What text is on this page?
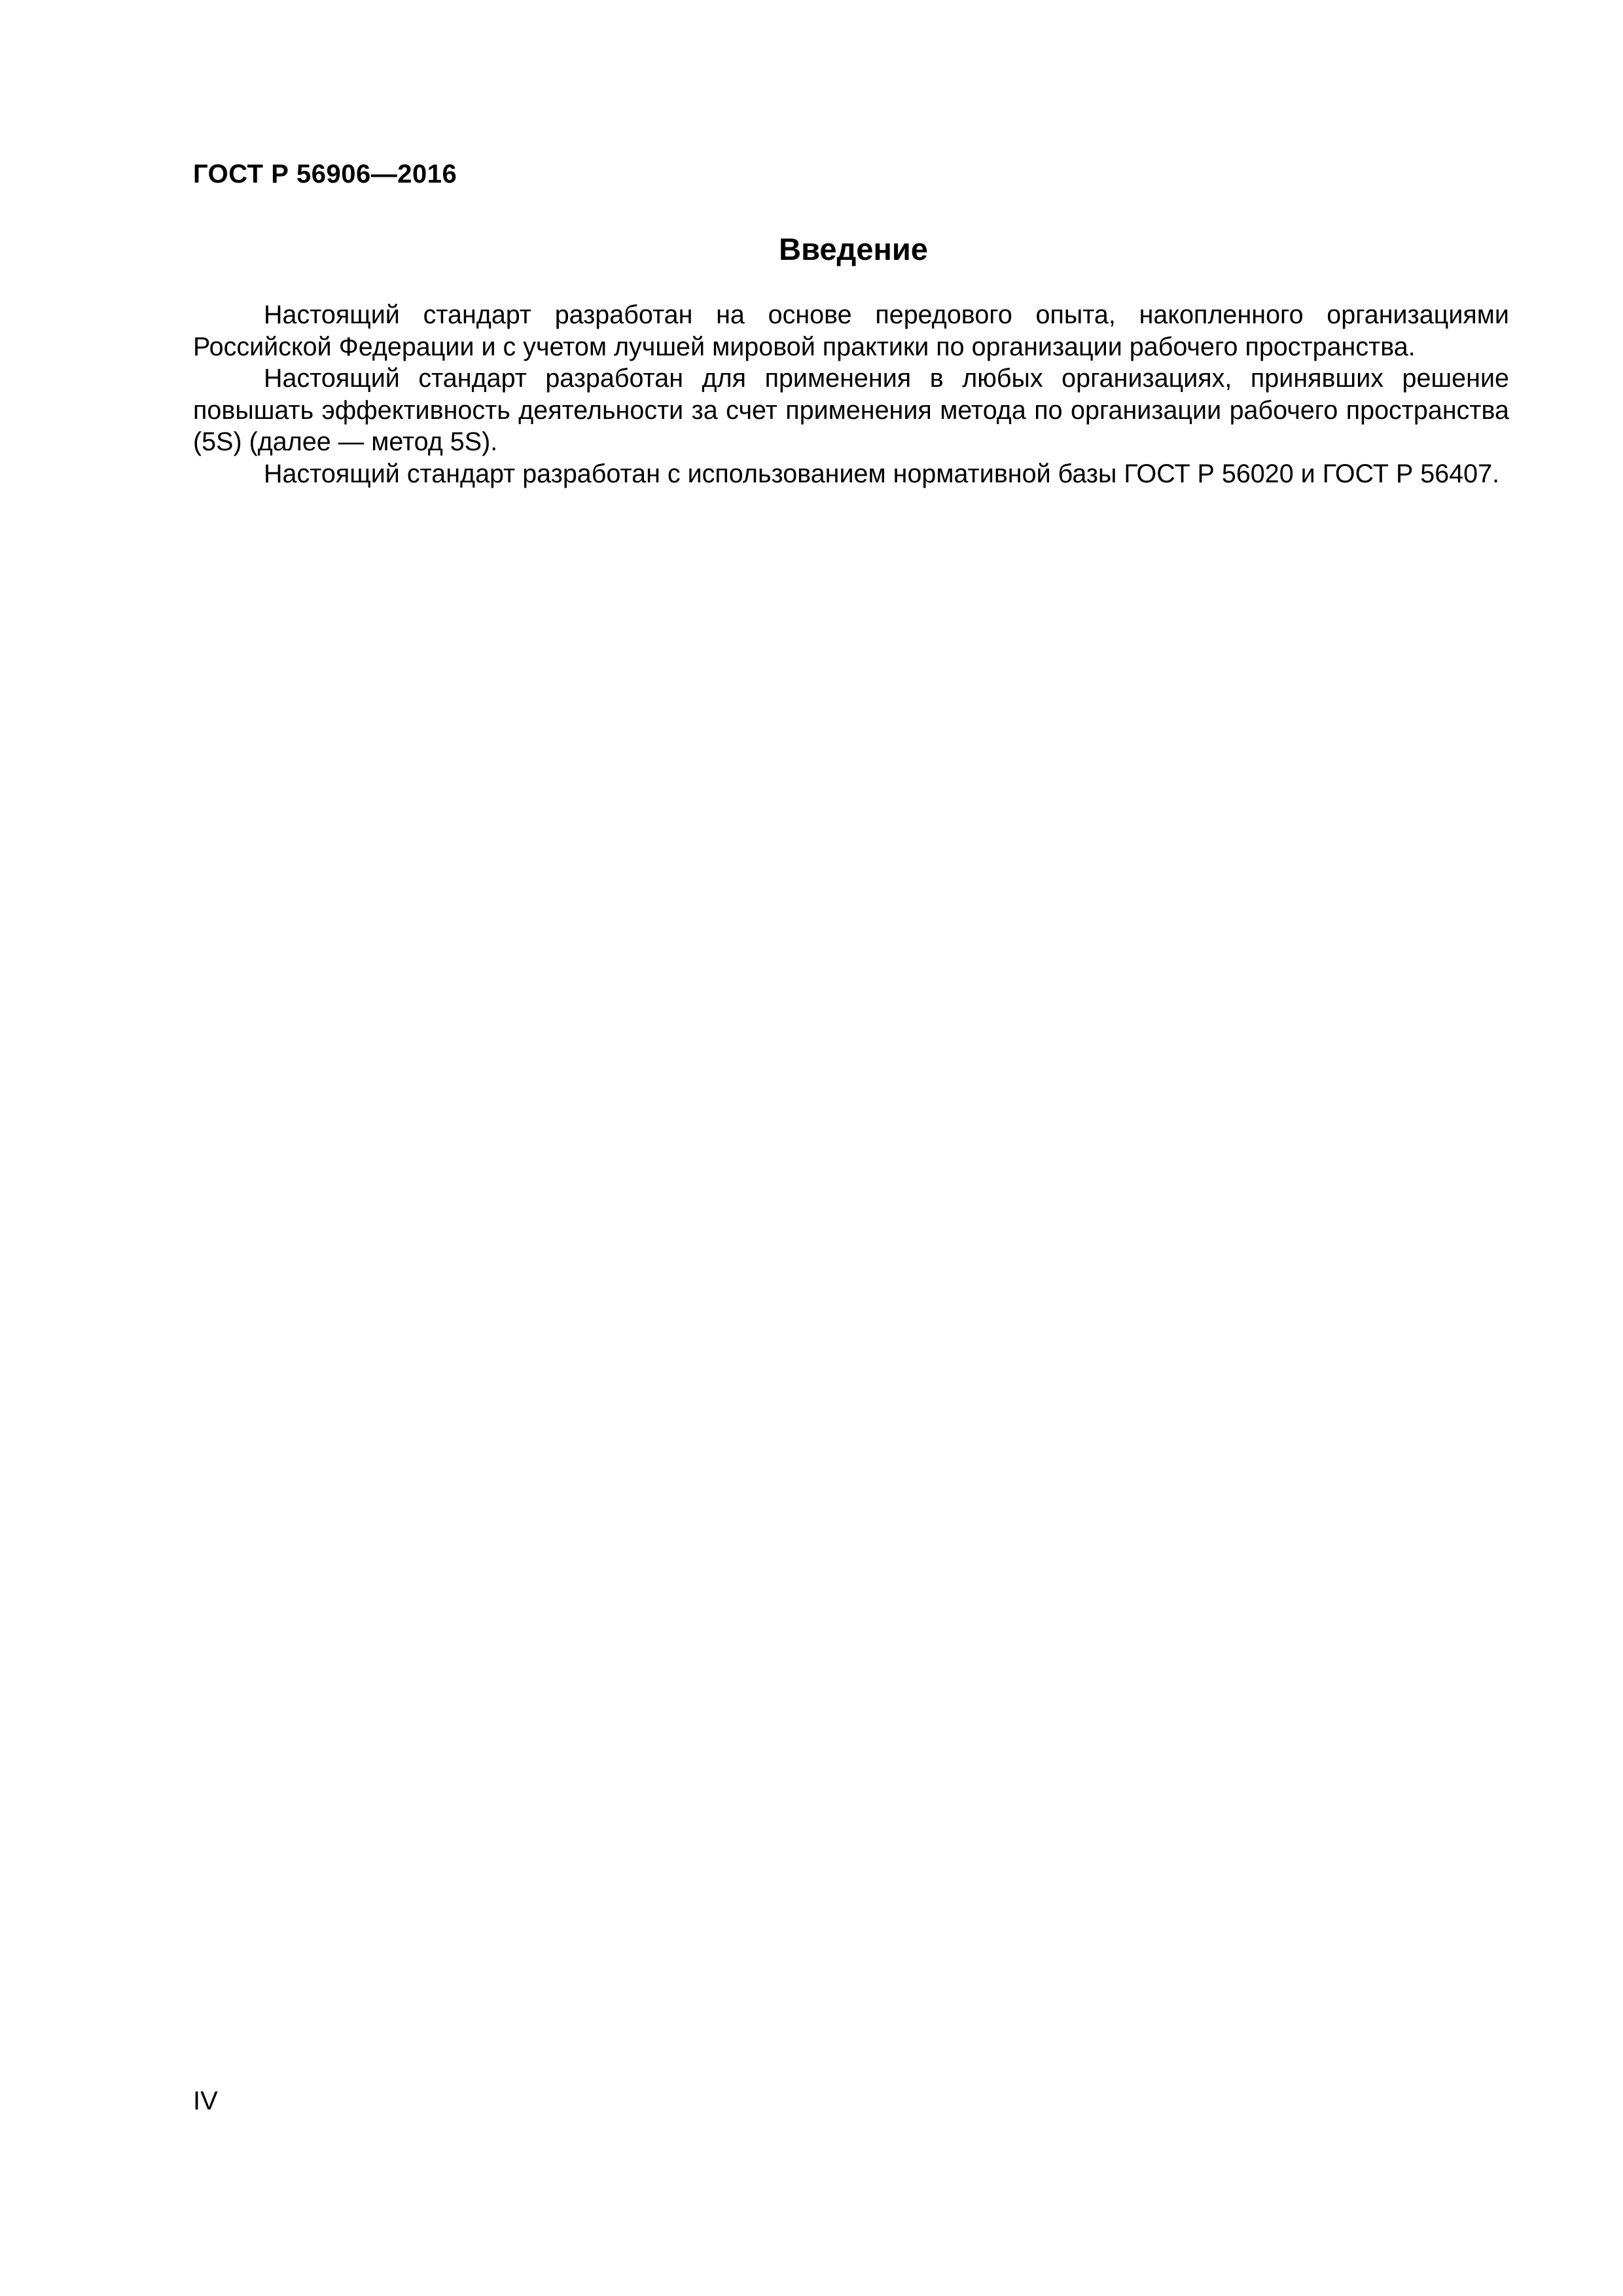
ГОСТ Р 56906—2016
Введение

Настоящий стандарт разработан на основе передового опыта, накопленного организациями Российской Федерации и с учетом лучшей мировой практики по организации рабочего пространства.

Настоящий стандарт разработан для применения в любых организациях, принявших решение повышать эффективность деятельности за счет применения метода по организации рабочего пространства (5S) (далее — метод 5S).

Настоящий стандарт разработан с использованием нормативной базы ГОСТ Р 56020 и ГОСТ Р 56407.

IV
